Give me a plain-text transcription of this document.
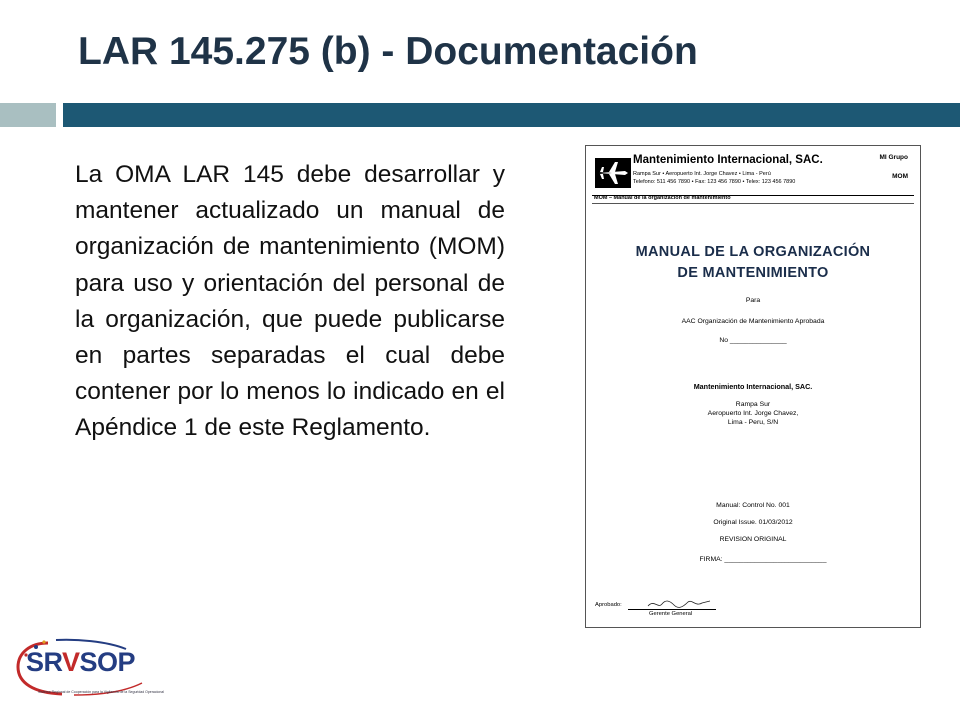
LAR 145.275 (b) - Documentación
La OMA LAR 145 debe desarrollar y mantener actualizado un manual de organización de mantenimiento (MOM) para uso y orientación del personal de la organización, que puede publicarse en partes separadas el cual debe contener por lo menos lo indicado en el Apéndice 1 de este Reglamento.
Mantenimiento Internacional, SAC.
Rampa Sur • Aeropuerto Int. Jorge Chavez • Lima - Perú
Telefono: 511 456 7890 • Fax: 123 456 7890 • Telex: 123 456 7890
MI Grupo
MOM
MOM – Manual de la organización de mantenimiento
MANUAL DE LA ORGANIZACIÓN
DE MANTENIMIENTO
Para
AAC Organización de Mantenimiento Aprobada
No _______________
Mantenimiento Internacional, SAC.
Rampa Sur
Aeropuerto Int. Jorge Chavez,
Lima - Peru, S/N
Manual: Control No. 001
Original Issue. 01/03/2012
REVISION ORIGINAL
FIRMA: ___________________________
Aprobado:
Gerente General
SRVSOP
Sistema Regional de Cooperación para la Vigilancia de la Seguridad Operacional
